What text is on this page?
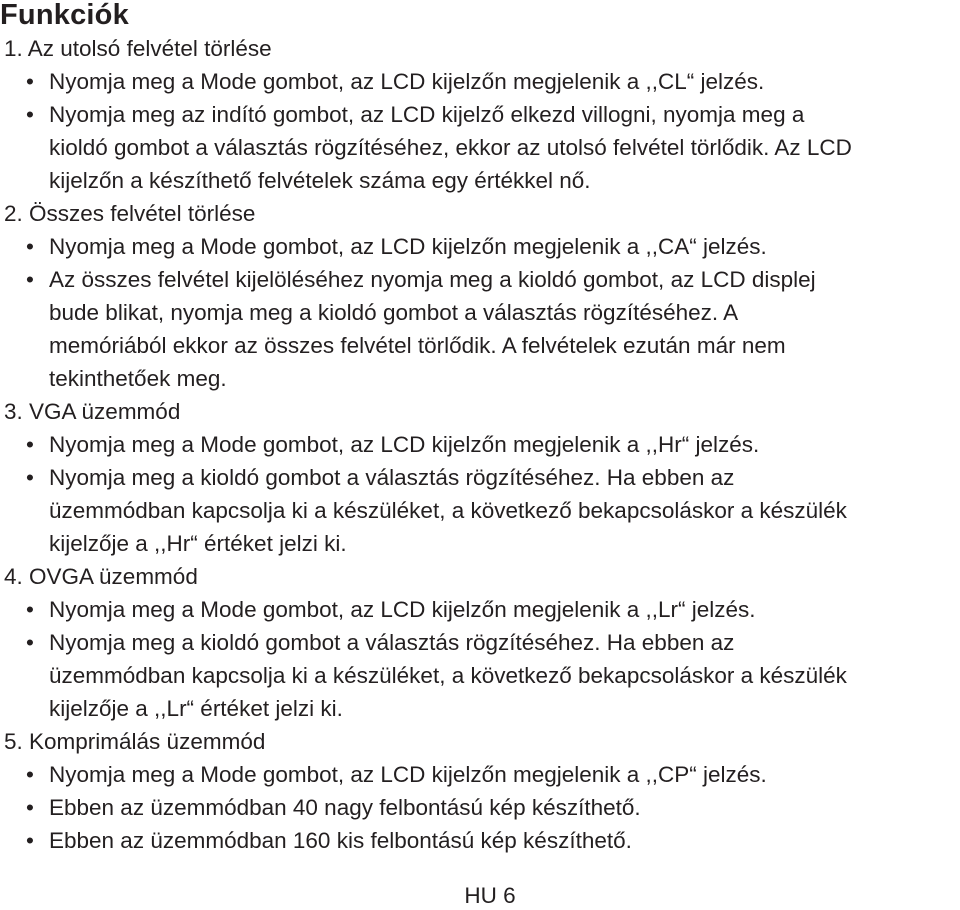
Funkciók
1. Az utolsó felvétel törlése
• Nyomja meg a Mode gombot, az LCD kijelzőn megjelenik a ,,CL“ jelzés.
• Nyomja meg az indító gombot, az LCD kijelző elkezd villogni, nyomja meg a
kioldó gombot a választás rögzítéséhez, ekkor az utolsó felvétel törlődik. Az LCD
kijelzőn a készíthető felvételek száma egy értékkel nő.
2. Összes felvétel törlése
• Nyomja meg a Mode gombot, az LCD kijelzőn megjelenik a ,,CA“ jelzés.
• Az összes felvétel kijelöléséhez nyomja meg a kioldó gombot, az LCD displej
bude blikat, nyomja meg a kioldó gombot a választás rögzítéséhez. A
memóriából ekkor az összes felvétel törlődik. A felvételek ezután már nem
tekinthetőek meg.
3. VGA üzemmód
• Nyomja meg a Mode gombot, az LCD kijelzőn megjelenik a ,,Hr“ jelzés.
• Nyomja meg a kioldó gombot a választás rögzítéséhez. Ha ebben az
üzemmódban kapcsolja ki a készüléket, a következő bekapcsoláskor a készülék
kijelzője a ,,Hr“ értéket jelzi ki.
4. OVGA üzemmód
• Nyomja meg a Mode gombot, az LCD kijelzőn megjelenik a ,,Lr“ jelzés.
• Nyomja meg a kioldó gombot a választás rögzítéséhez. Ha ebben az
üzemmódban kapcsolja ki a készüléket, a következő bekapcsoláskor a készülék
kijelzője a ,,Lr“ értéket jelzi ki.
5. Komprimálás üzemmód
• Nyomja meg a Mode gombot, az LCD kijelzőn megjelenik a ,,CP“ jelzés.
• Ebben az üzemmódban 40 nagy felbontású kép készíthető.
• Ebben az üzemmódban 160 kis felbontású kép készíthető.
HU 6
